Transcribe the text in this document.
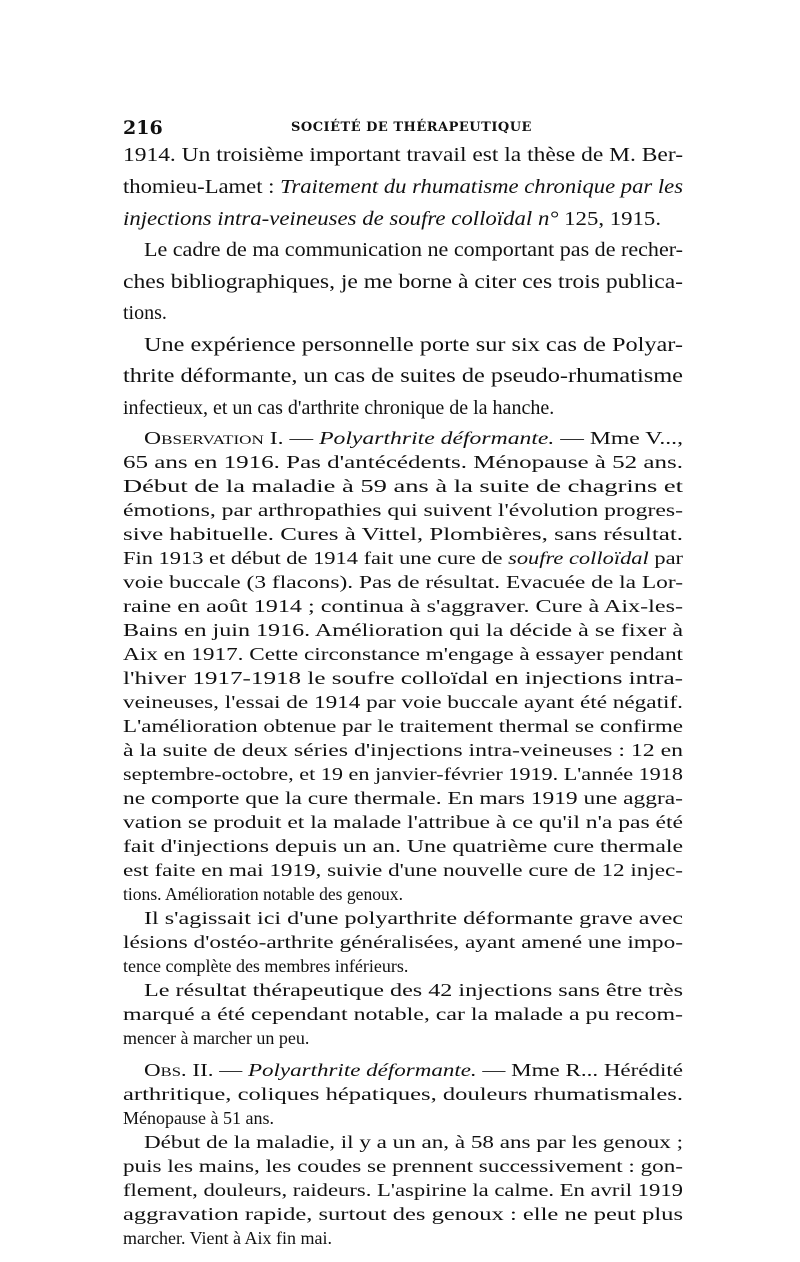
216	SOCIÉTÉ DE THÉRAPEUTIQUE
1914. Un troisième important travail est la thèse de M. Ber-
thomieu-Lamet : Traitement du rhumatisme chronique par les
injections intra-veineuses de soufre colloïdal n° 125, 1915.
Le cadre de ma communication ne comportant pas de recher-
ches bibliographiques, je me borne à citer ces trois publica-
tions.
Une expérience personnelle porte sur six cas de Polyar-
thrite déformante, un cas de suites de pseudo-rhumatisme
infectieux, et un cas d'arthrite chronique de la hanche.
Observation I. — Polyarthrite déformante. — Mme V...,
65 ans en 1916. Pas d'antécédents. Ménopause à 52 ans.
Début de la maladie à 59 ans à la suite de chagrins et
émotions, par arthropathies qui suivent l'évolution progres-
sive habituelle. Cures à Vittel, Plombières, sans résultat.
Fin 1913 et début de 1914 fait une cure de soufre colloïdal par
voie buccale (3 flacons). Pas de résultat. Evacuée de la Lor-
raine en août 1914 ; continua à s'aggraver. Cure à Aix-les-
Bains en juin 1916. Amélioration qui la décide à se fixer à
Aix en 1917. Cette circonstance m'engage à essayer pendant
l'hiver 1917-1918 le soufre colloïdal en injections intra-
veineuses, l'essai de 1914 par voie buccale ayant été négatif.
L'amélioration obtenue par le traitement thermal se confirme
à la suite de deux séries d'injections intra-veineuses : 12 en
septembre-octobre, et 19 en janvier-février 1919. L'année 1918
ne comporte que la cure thermale. En mars 1919 une aggra-
vation se produit et la malade l'attribue à ce qu'il n'a pas été
fait d'injections depuis un an. Une quatrième cure thermale
est faite en mai 1919, suivie d'une nouvelle cure de 12 injec-
tions. Amélioration notable des genoux.
Il s'agissait ici d'une polyarthrite déformante grave avec
lésions d'ostéo-arthrite généralisées, ayant amené une impo-
tence complète des membres inférieurs.
Le résultat thérapeutique des 42 injections sans être très
marqué a été cependant notable, car la malade a pu recom-
mencer à marcher un peu.
Obs. II. — Polyarthrite déformante. — Mme R... Hérédité
arthritique, coliques hépatiques, douleurs rhumatismales.
Ménopause à 51 ans.
Début de la maladie, il y a un an, à 58 ans par les genoux ;
puis les mains, les coudes se prennent successivement : gon-
flement, douleurs, raideurs. L'aspirine la calme. En avril 1919
aggravation rapide, surtout des genoux : elle ne peut plus
marcher. Vient à Aix fin mai.
